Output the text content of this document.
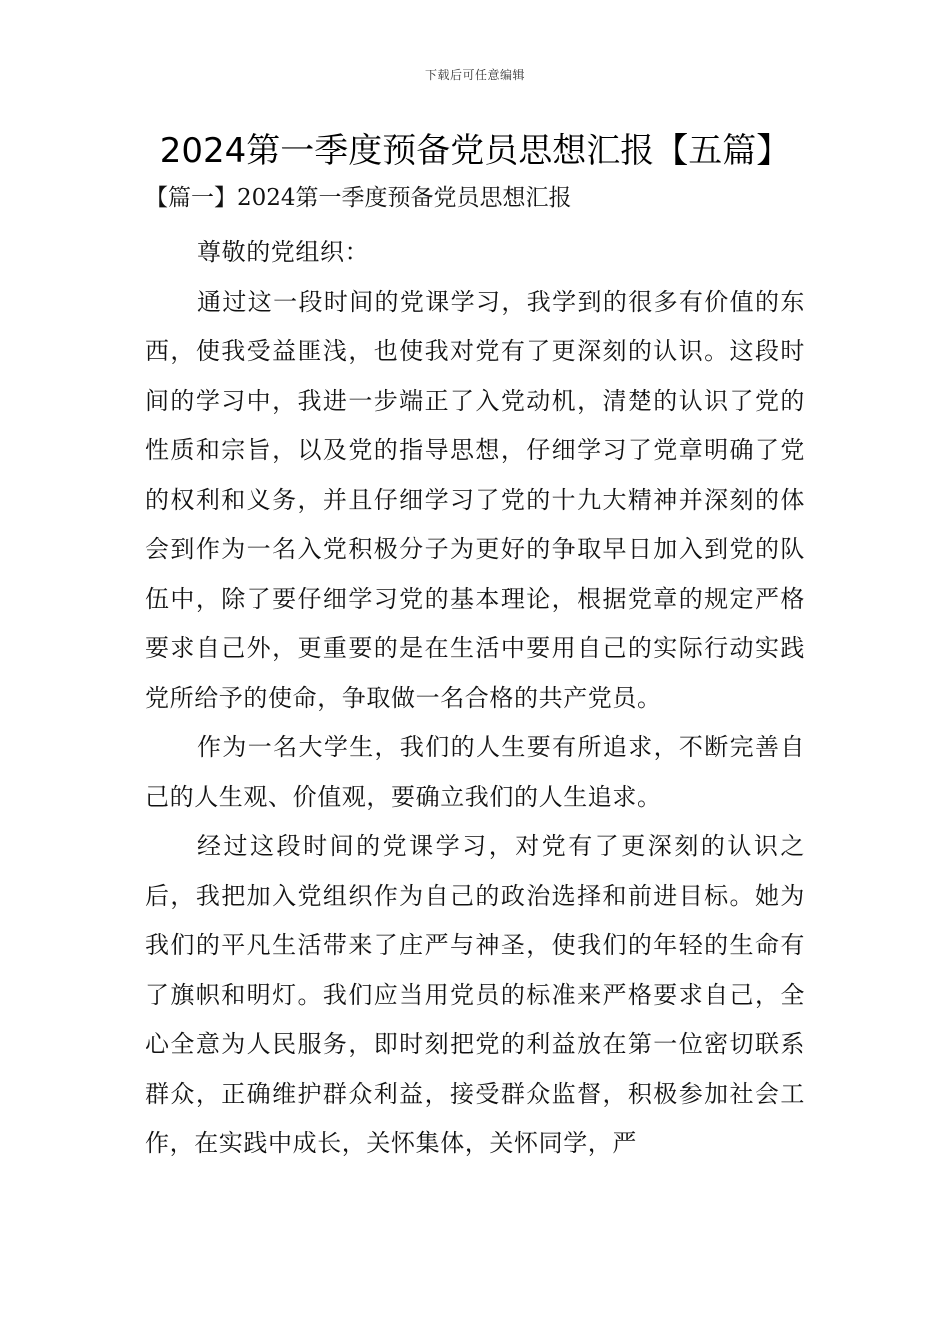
下载后可任意编辑
2024第一季度预备党员思想汇报【五篇】
【篇一】2024第一季度预备党员思想汇报

尊敬的党组织：

通过这一段时间的党课学习，我学到的很多有价值的东西，使我受益匪浅，也使我对党有了更深刻的认识。这段时间的学习中，我进一步端正了入党动机，清楚的认识了党的性质和宗旨，以及党的指导思想，仔细学习了党章明确了党的权利和义务，并且仔细学习了党的十九大精神并深刻的体会到作为一名入党积极分子为更好的争取早日加入到党的队伍中，除了要仔细学习党的基本理论，根据党章的规定严格要求自己外，更重要的是在生活中要用自己的实际行动实践党所给予的使命，争取做一名合格的共产党员。

作为一名大学生，我们的人生要有所追求，不断完善自己的人生观、价值观，要确立我们的人生追求。

经过这段时间的党课学习，对党有了更深刻的认识之后，我把加入党组织作为自己的政治选择和前进目标。她为我们的平凡生活带来了庄严与神圣，使我们的年轻的生命有了旗帜和明灯。我们应当用党员的标准来严格要求自己，全心全意为人民服务，即时刻把党的利益放在第一位密切联系群众，正确维护群众利益，接受群众监督，积极参加社会工作，在实践中成长，关怀集体，关怀同学，严
